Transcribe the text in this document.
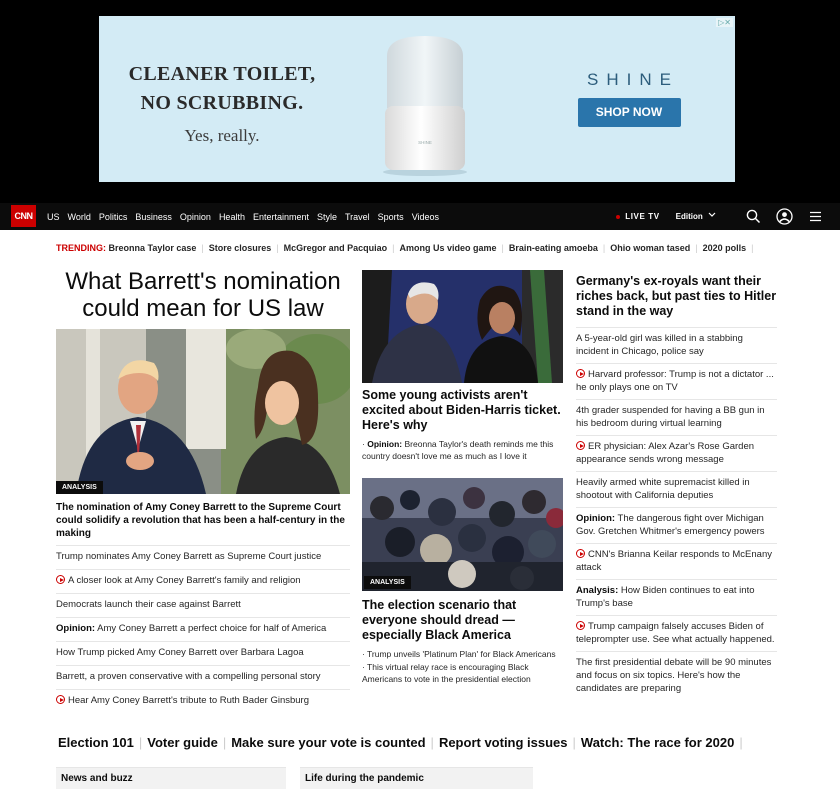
▷✕
CLEANER TOILET,
NO SCRUBBING.
Yes, really.	SHINE
SHINE
SHOP NOW
CNN	US World Politics Business Opinion Health Entertainment Style Travel Sports Videos	LIVE TV Edition
TRENDING: Breonna Taylor case | Store closures | McGregor and Pacquiao | Among Us video game | Brain-eating amoeba | Ohio woman tased | 2020 polls |
What Barrett's nomination could mean for US law
ANALYSIS
The nomination of Amy Coney Barrett to the Supreme Court could solidify a revolution that has been a half-century in the making
Trump nominates Amy Coney Barrett as Supreme Court justice
A closer look at Amy Coney Barrett's family and religion
Democrats launch their case against Barrett
Opinion: Amy Coney Barrett a perfect choice for half of America
How Trump picked Amy Coney Barrett over Barbara Lagoa
Barrett, a proven conservative with a compelling personal story
Hear Amy Coney Barrett's tribute to Ruth Bader Ginsburg
Some young activists aren't excited about Biden-Harris ticket. Here's why
· Opinion: Breonna Taylor's death reminds me this country doesn't love me as much as I love it
ANALYSIS
The election scenario that everyone should dread — especially Black America
· Trump unveils 'Platinum Plan' for Black Americans
· This virtual relay race is encouraging Black Americans to vote in the presidential election
Germany's ex-royals want their riches back, but past ties to Hitler stand in the way
A 5-year-old girl was killed in a stabbing incident in Chicago, police say
Harvard professor: Trump is not a dictator ... he only plays one on TV
4th grader suspended for having a BB gun in his bedroom during virtual learning
ER physician: Alex Azar's Rose Garden appearance sends wrong message
Heavily armed white supremacist killed in shootout with California deputies
Opinion: The dangerous fight over Michigan Gov. Gretchen Whitmer's emergency powers
CNN's Brianna Keilar responds to McEnany attack
Analysis: How Biden continues to eat into Trump's base
Trump campaign falsely accuses Biden of teleprompter use. See what actually happened.
The first presidential debate will be 90 minutes and focus on six topics. Here's how the candidates are preparing
Election 101 | Voter guide | Make sure your vote is counted | Report voting issues | Watch: The race for 2020 |
News and buzz	Life during the pandemic
